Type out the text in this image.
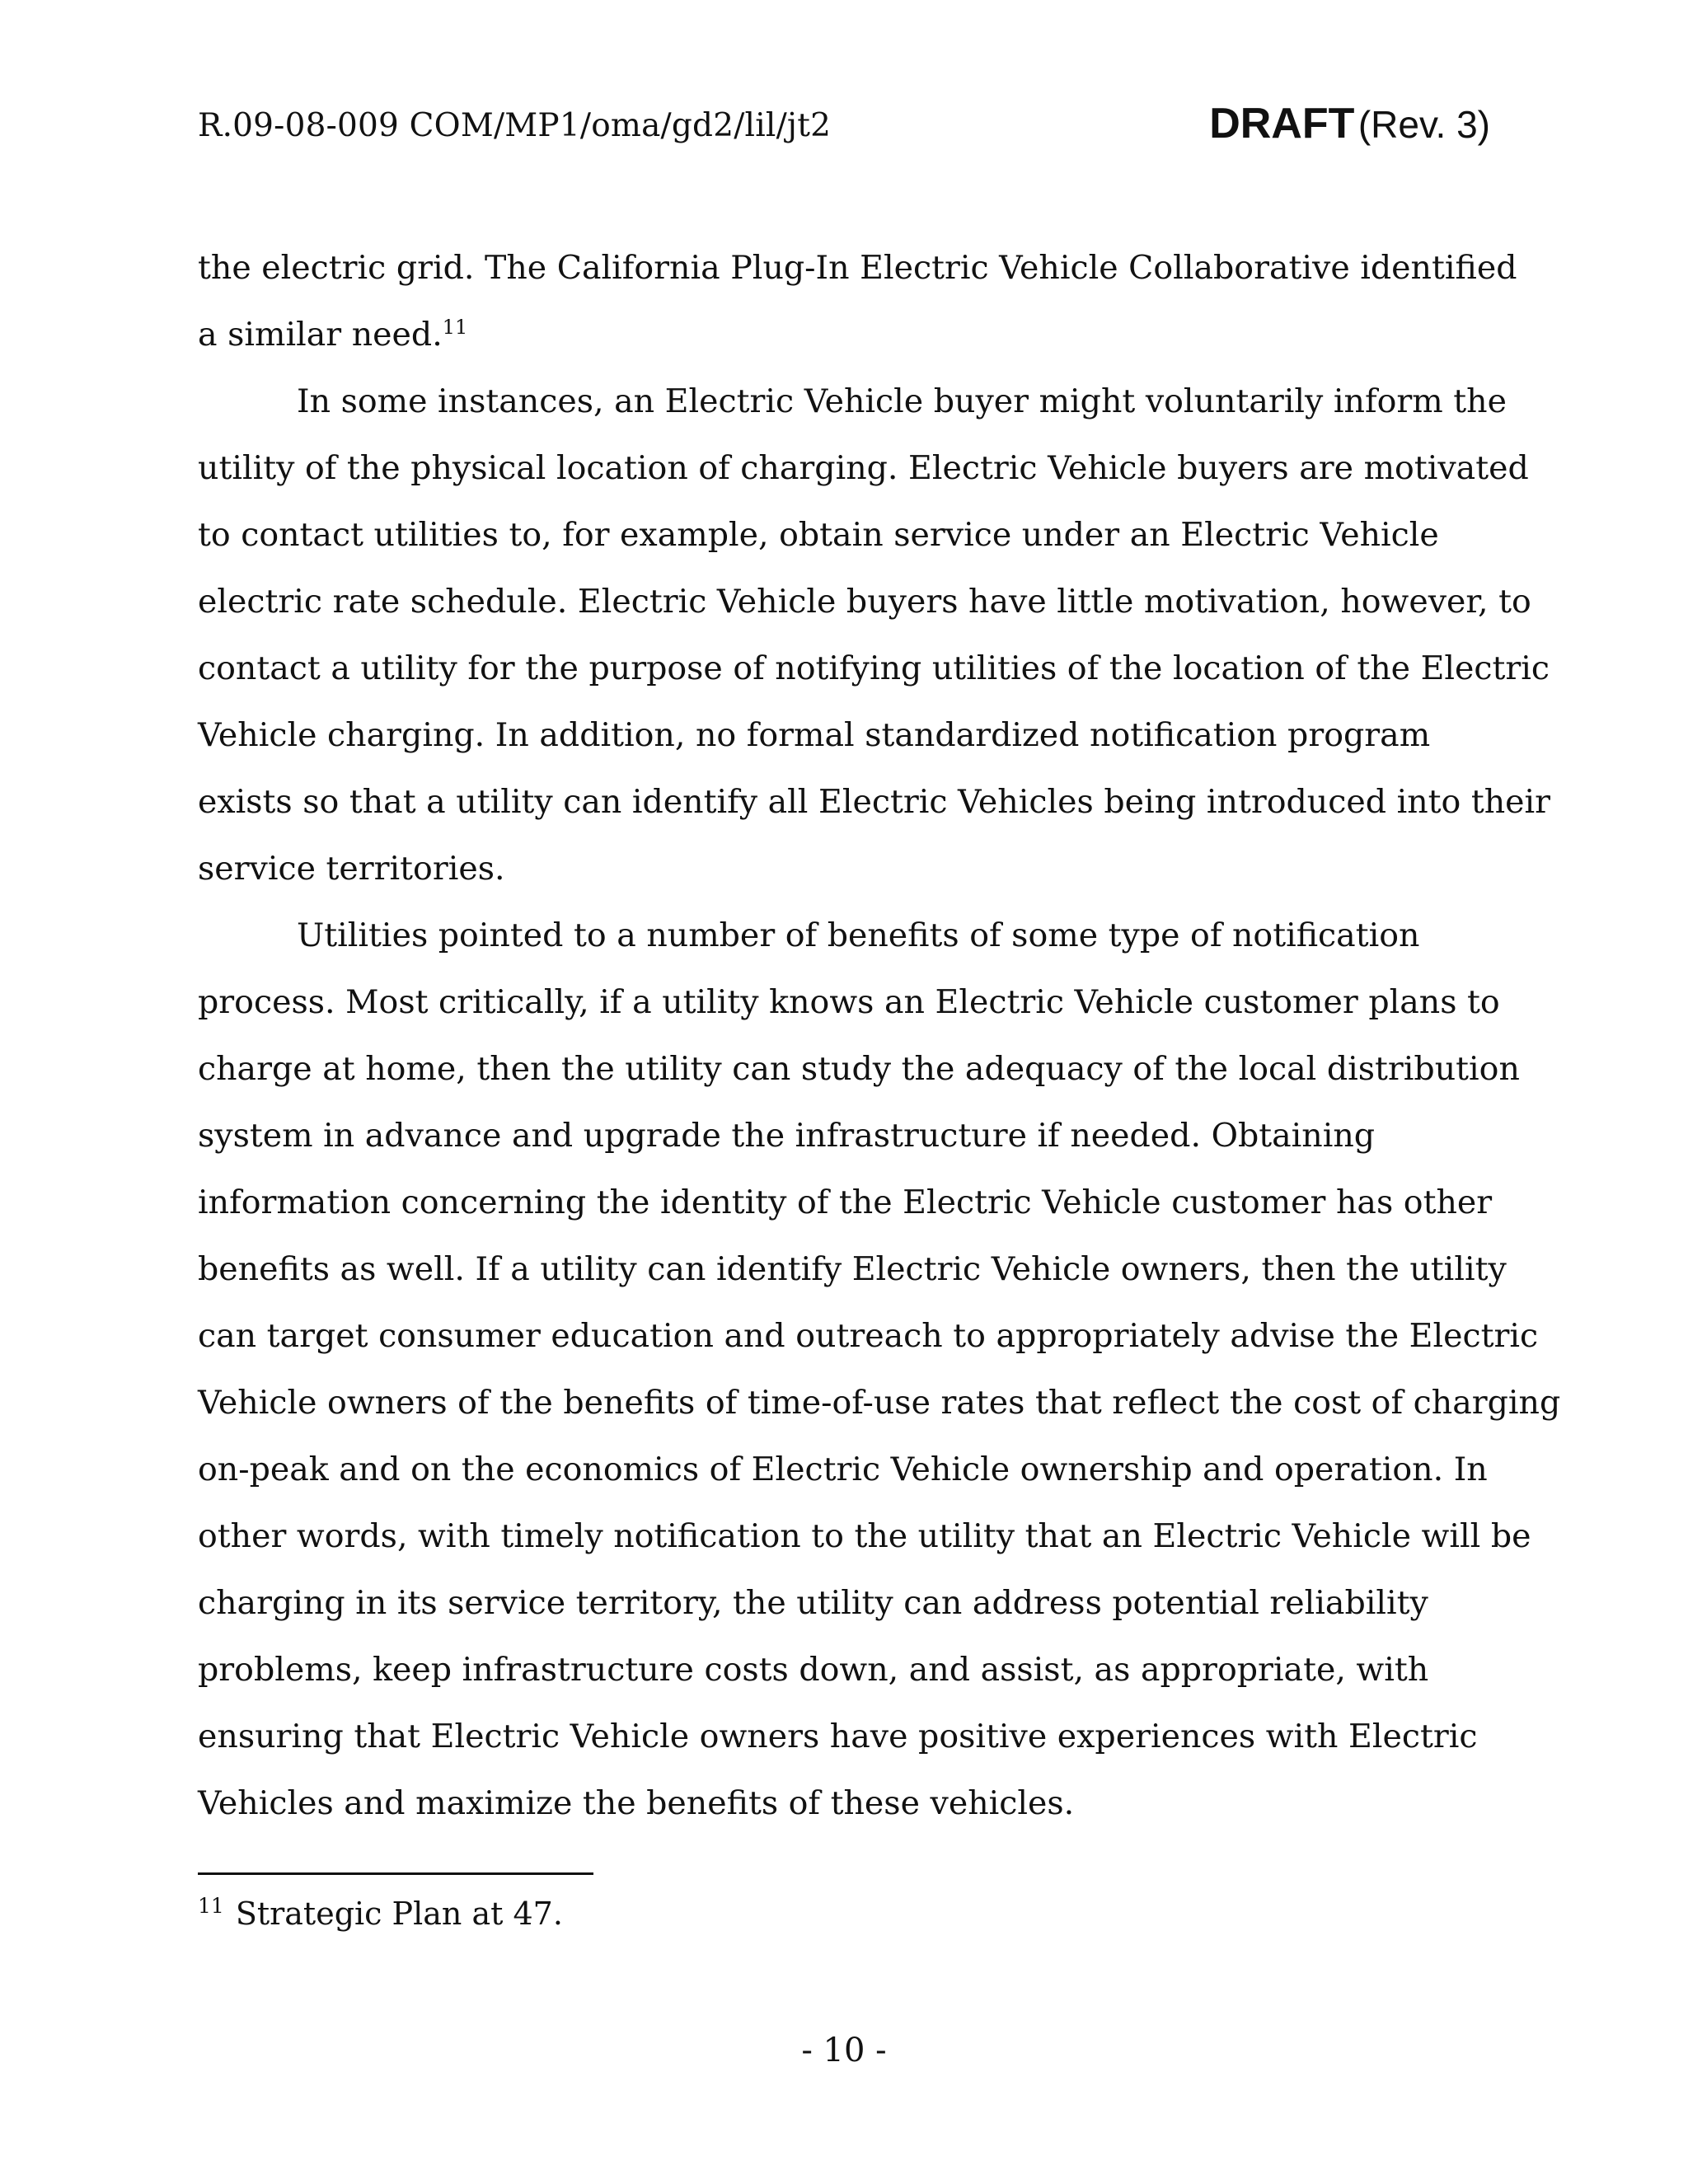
R.09-08-009 COM/MP1/oma/gd2/lil/jt2	DRAFT (Rev. 3)

the electric grid. The California Plug-In Electric Vehicle Collaborative identified
a similar need.$^{11}$

In some instances, an Electric Vehicle buyer might voluntarily inform the
utility of the physical location of charging. Electric Vehicle buyers are motivated
to contact utilities to, for example, obtain service under an Electric Vehicle
electric rate schedule. Electric Vehicle buyers have little motivation, however, to
contact a utility for the purpose of notifying utilities of the location of the Electric
Vehicle charging. In addition, no formal standardized notification program
exists so that a utility can identify all Electric Vehicles being introduced into their
service territories.

Utilities pointed to a number of benefits of some type of notification
process. Most critically, if a utility knows an Electric Vehicle customer plans to
charge at home, then the utility can study the adequacy of the local distribution
system in advance and upgrade the infrastructure if needed. Obtaining
information concerning the identity of the Electric Vehicle customer has other
benefits as well. If a utility can identify Electric Vehicle owners, then the utility
can target consumer education and outreach to appropriately advise the Electric
Vehicle owners of the benefits of time-of-use rates that reflect the cost of charging
on-peak and on the economics of Electric Vehicle ownership and operation. In
other words, with timely notification to the utility that an Electric Vehicle will be
charging in its service territory, the utility can address potential reliability
problems, keep infrastructure costs down, and assist, as appropriate, with
ensuring that Electric Vehicle owners have positive experiences with Electric
Vehicles and maximize the benefits of these vehicles.

$^{11}$ Strategic Plan at 47.
- 10 -
